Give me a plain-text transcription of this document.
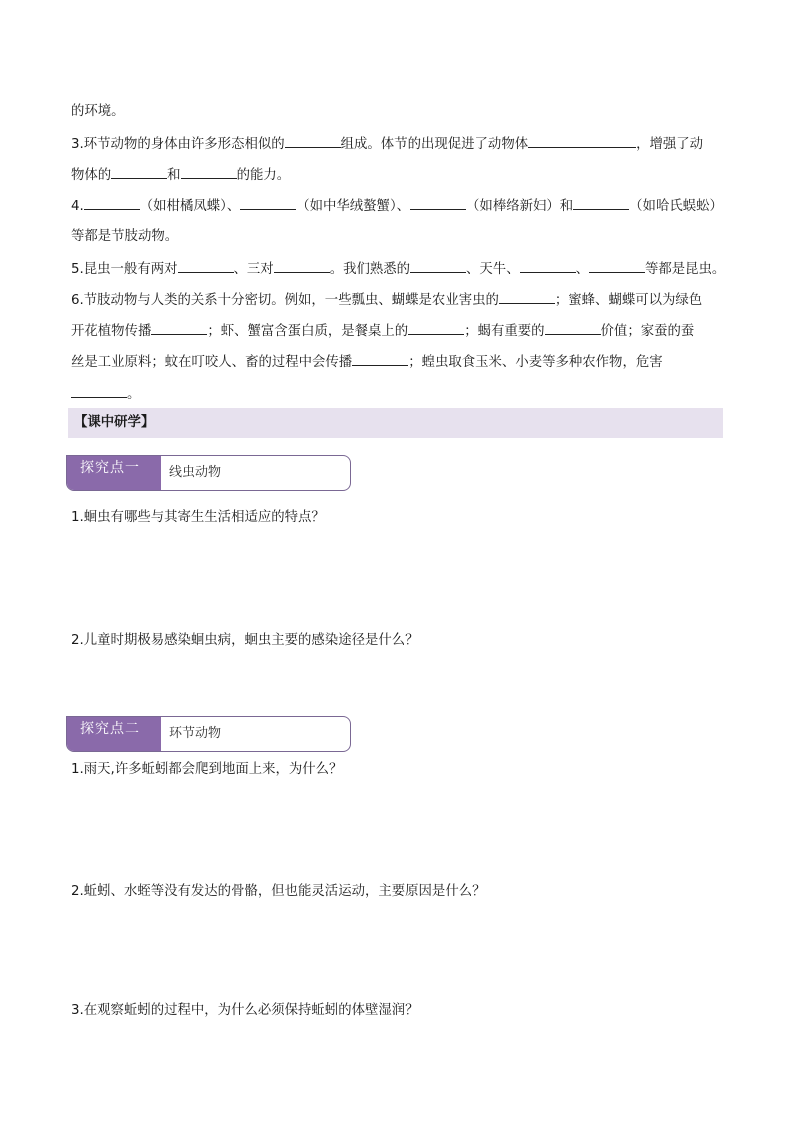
的环境。
3.环节动物的身体由许多形态相似的	组成。体节的出现促进了动物体	，增强了动
物体的	和	的能力。
4.	（如柑橘凤蝶）、	（如中华绒螯蟹）、	（如棒络新妇）和	（如哈氏蜈蚣）
等都是节肢动物。
5.昆虫一般有两对	、三对	。我们熟悉的	、天牛、	、	等都是昆虫。
6.节肢动物与人类的关系十分密切。例如，一些瓢虫、蝴蝶是农业害虫的	；蜜蜂、蝴蝶可以为绿色
开花植物传播	；虾、蟹富含蛋白质，是餐桌上的	；蝎有重要的	价值；家蚕的蚕
丝是工业原料；蚊在叮咬人、畜的过程中会传播	；蝗虫取食玉米、小麦等多种农作物，危害
。
【课中研学】
探究点一 线虫动物
1.蛔虫有哪些与其寄生生活相适应的特点？
2.儿童时期极易感染蛔虫病，蛔虫主要的感染途径是什么？
探究点二 环节动物
1.雨天,许多蚯蚓都会爬到地面上来，为什么？
2.蚯蚓、水蛭等没有发达的骨骼，但也能灵活运动，主要原因是什么？
3.在观察蚯蚓的过程中，为什么必须保持蚯蚓的体壁湿润？
